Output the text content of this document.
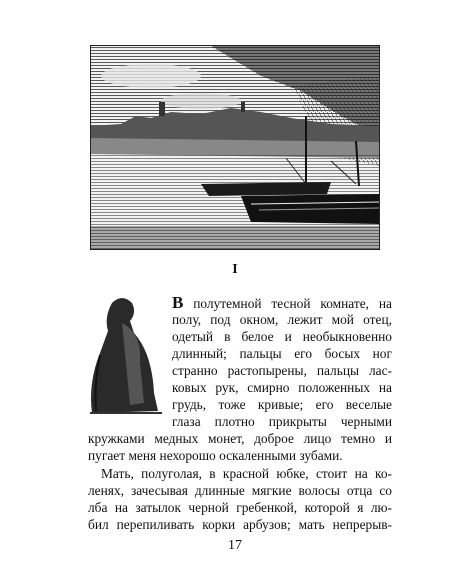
I
В полутемной тесной комнате, на
полу, под окном, лежит мой отец,
одетый в белое и необыкновенно
длинный; пальцы его босых ног
странно растопырены, пальцы лас-
ковых рук, смирно положенных на
грудь, тоже кривые; его веселые
глаза плотно прикрыты черными
кружками медных монет, доброе лицо темно и
пугает меня нехорошо оскаленными зубами.
Мать, полуголая, в красной юбке, стоит на ко-
ленях, зачесывая длинные мягкие волосы отца со
лба на затылок черной гребенкой, которой я лю-
бил перепиливать корки арбузов; мать непрерыв-
17
